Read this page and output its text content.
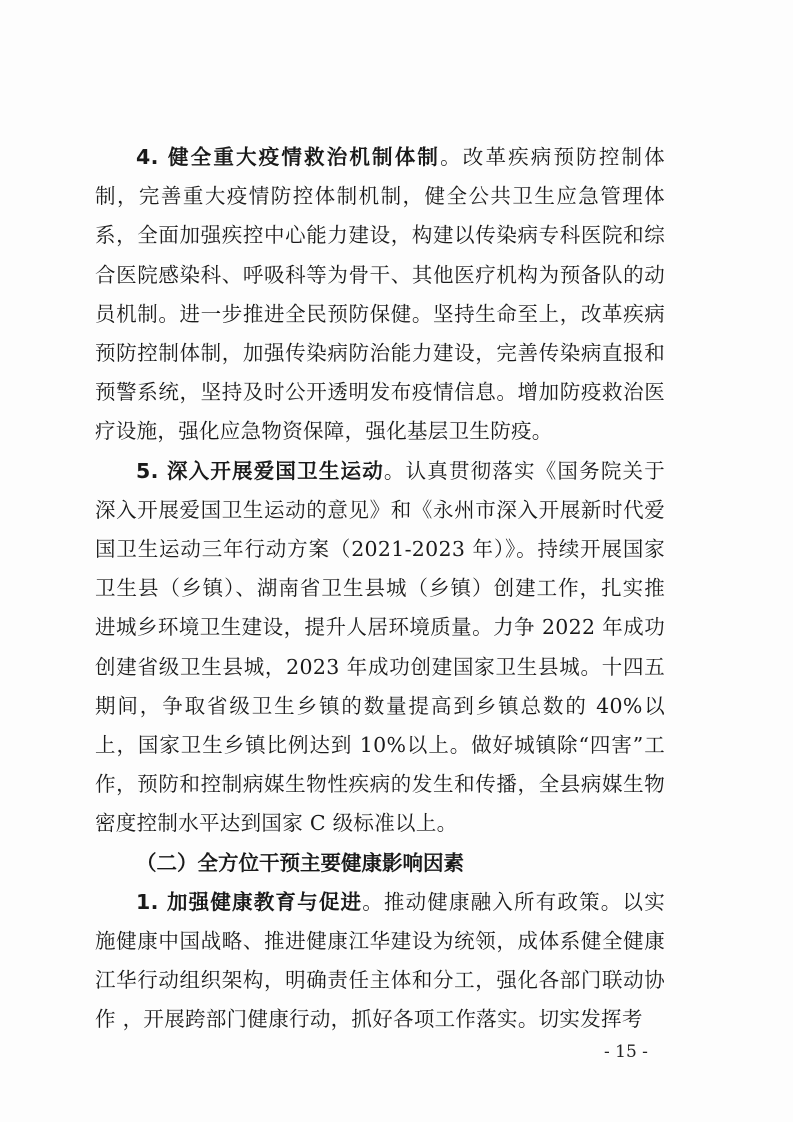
4. 健全重大疫情救治机制体制。改革疾病预防控制体制，完善重大疫情防控体制机制，健全公共卫生应急管理体系，全面加强疾控中心能力建设，构建以传染病专科医院和综合医院感染科、呼吸科等为骨干、其他医疗机构为预备队的动员机制。进一步推进全民预防保健。坚持生命至上，改革疾病预防控制体制，加强传染病防治能力建设，完善传染病直报和预警系统，坚持及时公开透明发布疫情信息。增加防疫救治医疗设施，强化应急物资保障，强化基层卫生防疫。

5. 深入开展爱国卫生运动。认真贯彻落实《国务院关于深入开展爱国卫生运动的意见》和《永州市深入开展新时代爱国卫生运动三年行动方案（2021-2023 年）》。持续开展国家卫生县（乡镇）、湖南省卫生县城（乡镇）创建工作，扎实推进城乡环境卫生建设，提升人居环境质量。力争 2022 年成功创建省级卫生县城，2023 年成功创建国家卫生县城。十四五期间，争取省级卫生乡镇的数量提高到乡镇总数的 40%以上，国家卫生乡镇比例达到 10%以上。做好城镇除“四害”工作，预防和控制病媒生物性疾病的发生和传播，全县病媒生物密度控制水平达到国家 C 级标准以上。

（二）全方位干预主要健康影响因素

1. 加强健康教育与促进。推动健康融入所有政策。以实施健康中国战略、推进健康江华建设为统领，成体系健全健康江华行动组织架构，明确责任主体和分工，强化各部门联动协作 ，开展跨部门健康行动，抓好各项工作落实。切实发挥考

- 15 -
